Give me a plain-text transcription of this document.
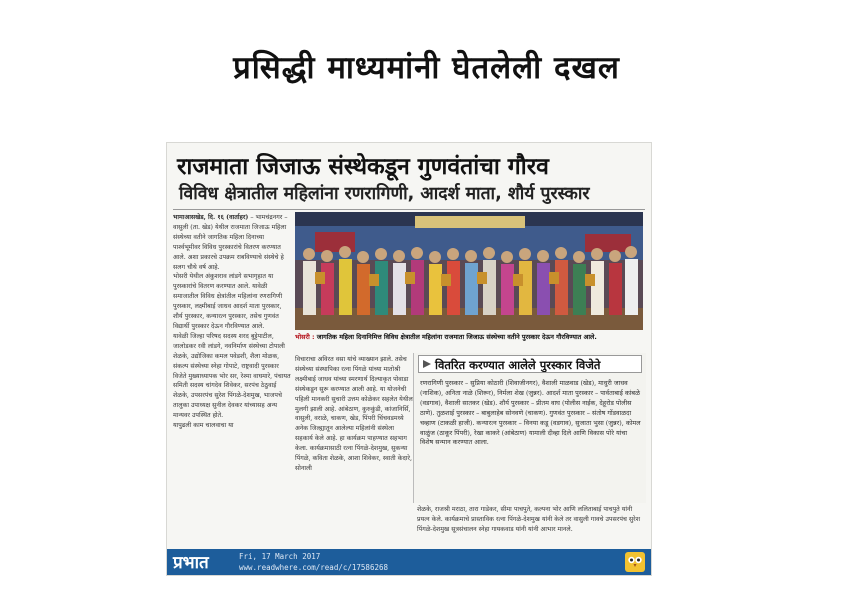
प्रसिद्धी माध्यमांनी घेतलेली दखल
राजमाता जिजाऊ संस्थेकडून गुणवंतांचा गौरव
विविध क्षेत्रातील महिलांना रणरागिणी, आदर्श माता, शौर्य पुरस्कार

भामाआसखेड, दि. १६ (वार्ताहर) – भामचंद्रनगर – वासुली (ता. खेड) येथील राजमाता जिजाऊ महिला संस्थेच्या वतीने जागतिक महिला दिनाच्या पार्श्वभूमीवर विविध पुरस्कारांचे वितरण करण्यात आले. अशा प्रकारचे उपक्रम राबविण्याचे संस्थेचे हे सलग चौथे वर्ष आहे.

भोसरी येथील अंकुशराव लांडगे सभागृहात या पुरस्कारांचे वितरण करण्यात आले. यावेळी समाजातील विविध क्षेत्रांतील महिलांना रणरागिणी पुरस्कार, लक्ष्मीबाई जाधव आदर्श माता पुरस्कार, शौर्य पुरस्कार, कन्यारत्न पुरस्कार, तसेच गुणवंत विद्यार्थी पुरस्कार देऊन गौरविण्यात आले.

यावेळी जिल्हा परिषद सदस्य शरद बुट्टेपाटील, जालोडकर रवी लांडगे, नवनिर्माण संस्थेच्या टोपाली शेळके, उद्योजिका कमल पवेडशी, शैला मोळक, संकल्प संस्थेच्या स्नेहा गोपाटे, राष्ट्रवादी पुरस्कार विजेते मुख्याध्यापक भोर सर, रेश्मा वाघमारे, पंचायत समिती सदस्य चांगदेव शिवेकर, सरपंच ठेठुवाई शेळके, उपसरपंच सुरेश पिंगळे-देशमुख, भाजपचे तालुका उपाध्यक्ष सुनील देवकर यांच्यासह अन्य मान्यवर उपस्थित होते.

यापुढली काम चालवाचा या

भोसरी : जागतिक महिला दिनानिमित्त विविध क्षेत्रातील महिलांना राजमाता जिजाऊ संस्थेच्या वतीने पुरस्कार देऊन गौरविण्यात आले.
विचाराचा अविरत वसा यांचे व्याख्यान झाले. तसेच संस्थेच्या संस्थापिका रत्ना पिंगळे यांच्या मातोश्री लक्ष्मीबाई जाधव यांच्या स्मरणार्थ दिल्याकृत पोवाडा संस्थेकडून सुरू करण्यात आली आहे. या योजनेची पहिली मानकरी सुचारी उत्तम कोळेकर सहलेत येथील मुलगी झाली आहे. आंबेठाण, कुरुकुंडी, कांजानिर्सि, वासुली, वराळे, चाकण, खेड, पिंपरी चिंचवडमध्ये अनेक जिल्ह्यातून आलेल्या महिलांनी संस्थेला सहकार्य केले आहे. हा कार्यक्रम पाहण्यात सहभाग केला. कार्यक्रमासाठी रत्ना पिंगळे-देशमुख, सुकन्या पिंगळे, कविता शेळके, आशा शिवेकर, स्वाती केदारे, सोनाली
वितरित करण्यात आलेले पुरस्कार विजेते
रणरागिणी पुरस्कार – सुप्रिया कोठारी (शिवाजीनगर), वैशाली माळवाड (खेड), माधुरी जाधव (नाशिक), अनिता नाळे (शिरूर), निर्मला शेख (जुन्नर). आदर्श माता पुरस्कार – पार्वताबाई कांबळे (वडगाव), वैशाली सातकर (खेड). शौर्य पुरस्कार – प्रीतम वाघ (पोलीस नाईक, देहूरोड पोलीस ठाणे). तुळशाई पुरस्कार – बाबुलाहेब सोनवणे (चाकण). गुणवंत पुरस्कार – संतोष गोंडवाळदा चव्हाण (टाकळी हाजी). कन्यारत्न पुरस्कार – विनया कडू (वडगाव), सुजाता भुसा (जुन्नर), कोमल वाळुंज (ठाकूर पिंपरी), रेखा काकरे (आंबेठाण) यामाली दीव्हा दिले आणि विकास पोरे यांचा विशेष सन्मान करण्यात आला.
शेळके, राजश्री मराठा, तारा गाडेकर, सीमा पाचपुते, कल्पना भोर आणि ललिताबाई पाचपुते यांनी प्रयत्न केले. कार्यक्रमाचे प्रास्ताविक रत्ना पिंगळे-देशमुख यांनी केले तर वासुली गावचे उपसरपंच सुरेश पिंगळे-देशमुख सूत्रसंचालन स्नेहा गायकवाड यांनी यांनी आभार मानले.
प्रभात	Fri, 17 March 2017
www.readwhere.com/read/c/17586268
